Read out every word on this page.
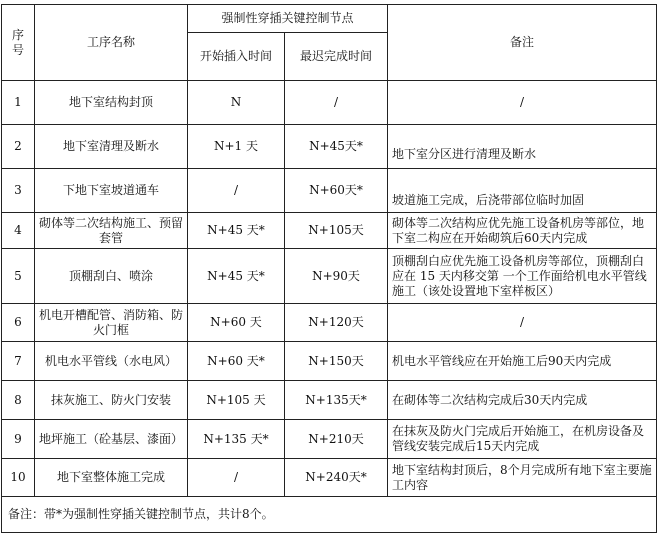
序号	工序名称	强制性穿插关键控制节点		备注
		开始插入时间	最迟完成时间	
1	地下室结构封顶	N	/	/
2	地下室清理及断水	N+1 天	N+45天*	地下室分区进行清理及断水
3	下地下室坡道通车	/	N+60天*	坡道施工完成，后浇带部位临时加固
4	砌体等二次结构施工、预留套管	N+45 天*	N+105天	砌体等二次结构应优先施工设备机房等部位，地下室二构应在开始砌筑后60天内完成
5	顶棚刮白、喷涂	N+45 天*	N+90天	顶棚刮白应优先施工设备机房等部位，顶棚刮白应在 15 天内移交第 一个工作面给机电水平管线施工（该处设置地下室样板区）
6	机电开槽配管、消防箱、防火门框	N+60 天	N+120天	/
7	机电水平管线（水电风）	N+60 天*	N+150天	机电水平管线应在开始施工后90天内完成
8	抹灰施工、防火门安装	N+105 天	N+135天*	在砌体等二次结构完成后30天内完成
9	地坪施工（砼基层、漆面）	N+135 天*	N+210天	在抹灰及防火门完成后开始施工，在机房设备及管线安装完成后15天内完成
10	地下室整体施工完成	/	N+240天*	地下室结构封顶后，8个月完成所有地下室主要施工内容
备注：带*为强制性穿插关键控制节点，共计8个。				
